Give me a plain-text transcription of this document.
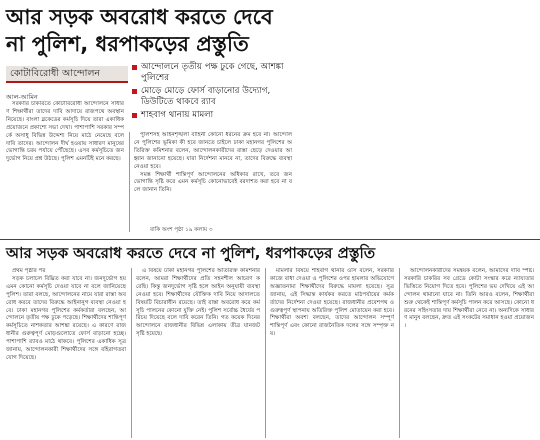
আর সড়ক অবরোধ করতে দেবে
না পুলিশ, ধরপাকড়ের প্রস্তুতি
কোটাবিরোধী আন্দোলন
আন্দোলনে তৃতীয় পক্ষ ঢুকে গেছে, আশঙ্কা পুলিশের
মোড়ে মোড়ে ফোর্স বাড়ানোর উদ্যোগ, ডিউটিতে থাকবে র‍্যাব
শাহবাগ থানায় মামলা
আল-আমিন

সরকারি চাকরিতে কোটাবিরোধী আন্দোলনে সাধারণ শিক্ষার্থীরা তাদের দাবি আদায়ে রাজপথে অবস্থান নিয়েছে। বাংলা ব্লকেডের কর্মসূচি দিয়ে তারা একাধিক প্রয়োজনে প্রকাশ্যে সভা দেখা। পাশাপাশি সরকার সম্পর্কে অসাধু বিভিন্ন উদ্দেশ্য নিয়ে মাঠে নেমেছে বলে দাবি তাদের। আন্দোলন দীর্ঘ হওয়ায় সাধারণ মানুষের ভোগান্তি চরম পর্যায়ে পৌঁছেছে। এসব কর্মসূচিতে জনদুর্ভোগ নিয়ে প্রশ্ন উঠছে। পুলিশ এমনটিই মনে করছে।

পুলিশসহ আইনশৃঙ্খলা বাহিনী কোনো ধরনের ক্রম হবে না। আন্দোলনে পুলিশের ভূমিকা কী হবে জানতে চাইলে ঢাকা মহানগর পুলিশের অতিরিক্ত কমিশনার বলেন, আন্দোলনকারীদের রাস্তা ছেড়ে দেওয়ার আহ্বান জানানো হয়েছে। যারা নির্দেশনা মানবে না, তাদের বিরুদ্ধে ব্যবস্থা নেওয়া হবে।

সমস্ত শিক্ষার্থী শান্তিপূর্ণ আন্দোলনের অধিকার রাখে, তবে জনভোগান্তি সৃষ্টি করে এমন কর্মসূচি কোনোভাবেই বরদাশত করা হবে না বলে জানান তিনি।

বাকি অংশ পৃষ্ঠা ১৯ কলাম ৩
আর সড়ক অবরোধ করতে দেবে না পুলিশ, ধরপাকড়ের প্রস্তুতি

প্রথম পৃষ্ঠার পর

সড়ক চলাচল বিঘ্নিত করা যাবে না। জনদুর্ভোগ হয় এমন কোনো কর্মসূচি দেওয়া যাবে না বলে জানিয়েছে পুলিশ। তারা বলছে, আন্দোলনের নামে যারা রাস্তা অবরোধ করবে তাদের বিরুদ্ধে আইনানুগ ব্যবস্থা নেওয়া হবে। ঢাকা মহানগর পুলিশের কর্মকর্তারা বলছেন, আন্দোলনে তৃতীয় পক্ষ ঢুকে পড়েছে। শিক্ষার্থীদের শান্তিপূর্ণ কর্মসূচিতে নাশকতার আশঙ্কা রয়েছে। এ কারণে রাজধানীর গুরুত্বপূর্ণ মোড়গুলোতে ফোর্স বাড়ানো হচ্ছে। পাশাপাশি র‍্যাবও মাঠে থাকবে। পুলিশের একাধিক সূত্র জানায়, আন্দোলনকারী শিক্ষার্থীদের সঙ্গে বহিরাগতরা যোগ দিয়েছে।

এ বিষয়ে ঢাকা মহানগর পুলিশের অতিরিক্ত কমিশনার বলেন, আমরা শিক্ষার্থীদের প্রতি সহনশীল আচরণ করেছি। কিন্তু জনদুর্ভোগ সৃষ্টি হলে আইন অনুযায়ী ব্যবস্থা নেওয়া হবে। শিক্ষার্থীদের যৌক্তিক দাবি নিয়ে আদালতে বিষয়টি বিচারাধীন রয়েছে। তাই রাস্তা অবরোধ করে কর্মসূচি পালনের কোনো যুক্তি নেই। পুলিশ সর্বোচ্চ ধৈর্যের পরিচয় দিয়েছে বলে দাবি করেন তিনি। গত কয়েক দিনের আন্দোলনে রাজধানীর বিভিন্ন এলাকায় তীব্র যানজট সৃষ্টি হয়েছে।

মামলার বিষয়ে শাহবাগ থানার ওসি বলেন, সরকারি কাজে বাধা দেওয়া ও পুলিশের ওপর হামলার অভিযোগে অজ্ঞাতনামা শিক্ষার্থীদের বিরুদ্ধে মামলা হয়েছে। সুত্র জানায়, এই সিদ্ধান্ত কার্যকর করতে মাঠপর্যায়ের কর্মকর্তাদের নির্দেশনা দেওয়া হয়েছে। রাজধানীর প্রবেশপথ ও গুরুত্বপূর্ণ স্থাপনায় অতিরিক্ত পুলিশ মোতায়েন করা হবে। শিক্ষার্থীরা অবশ্য বলছেন, তাদের আন্দোলন সম্পূর্ণ শান্তিপূর্ণ এবং কোনো রাজনৈতিক দলের সঙ্গে সম্পৃক্ত নয়।

আন্দোলনকারীদের সমন্বয়ক বলেন, আমাদের দাবি স্পষ্ট। সরকারি চাকরির সব গ্রেডে কোটা সংস্কার করে ন্যায্যতার ভিত্তিতে নিয়োগ দিতে হবে। পুলিশের ভয় দেখিয়ে এই আন্দোলন থামানো যাবে না। তিনি আরও বলেন, শিক্ষার্থীরা শুরু থেকেই শান্তিপূর্ণ কর্মসূচি পালন করে আসছে। কোনো ধরনের সহিংসতার দায় শিক্ষার্থীরা নেবে না। অন্যদিকে সাধারণ মানুষ বলছেন, দ্রুত এই সংকটের সমাধান হওয়া প্রয়োজন।
